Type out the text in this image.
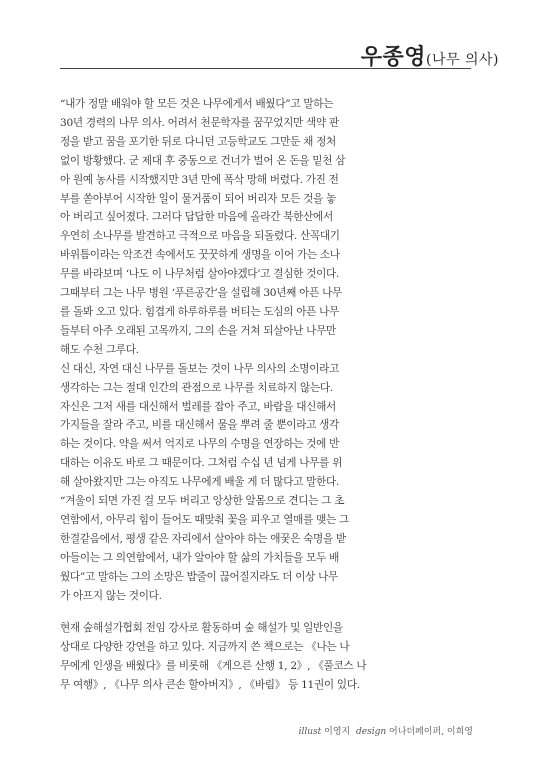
우종영(나무 의사)
“내가 정말 배워야 할 모든 것은 나무에게서 배웠다”고 말하는
30년 경력의 나무 의사. 어려서 천문학자를 꿈꾸었지만 색약 판
정을 받고 꿈을 포기한 뒤로 다니던 고등학교도 그만둔 채 정처
없이 방황했다. 군 제대 후 중동으로 건너가 벌어 온 돈을 밑천 삼
아 원예 농사를 시작했지만 3년 만에 폭삭 망해 버렸다. 가진 전
부를 쏟아부어 시작한 일이 물거품이 되어 버리자 모든 것을 놓
아 버리고 싶어졌다. 그러다 답답한 마음에 올라간 북한산에서
우연히 소나무를 발견하고 극적으로 마음을 되돌렸다. 산꼭대기
바위틈이라는 악조건 속에서도 꿋꿋하게 생명을 이어 가는 소나
무를 바라보며 ‘나도 이 나무처럼 살아야겠다’고 결심한 것이다.
그때부터 그는 나무 병원 ‘푸른공간’을 설립해 30년째 아픈 나무
를 돌봐 오고 있다. 힘겹게 하루하루를 버티는 도심의 아픈 나무
들부터 아주 오래된 고목까지, 그의 손을 거쳐 되살아난 나무만
해도 수천 그루다.
신 대신, 자연 대신 나무를 돌보는 것이 나무 의사의 소명이라고
생각하는 그는 절대 인간의 관점으로 나무를 치료하지 않는다.
자신은 그저 새를 대신해서 벌레를 잡아 주고, 바람을 대신해서
가지들을 잘라 주고, 비를 대신해서 물을 뿌려 줄 뿐이라고 생각
하는 것이다. 약을 써서 억지로 나무의 수명을 연장하는 것에 반
대하는 이유도 바로 그 때문이다. 그처럼 수십 년 넘게 나무를 위
해 살아왔지만 그는 아직도 나무에게 배울 게 더 많다고 말한다.
“겨울이 되면 가진 걸 모두 버리고 앙상한 알몸으로 견디는 그 초
연함에서, 아무리 힘이 들어도 때맞춰 꽃을 피우고 열매를 맺는 그
한결같음에서, 평생 같은 자리에서 살아야 하는 애꿎은 숙명을 받
아들이는 그 의연함에서, 내가 알아야 할 삶의 가치들을 모두 배
웠다”고 말하는 그의 소망은 밥줄이 끊어질지라도 더 이상 나무
가 아프지 않는 것이다.
현재 숲해설가협회 전임 강사로 활동하며 숲 해설가 및 일반인을
상대로 다양한 강연을 하고 있다. 지금까지 쓴 책으로는 《나는 나
무에게 인생을 배웠다》를 비롯해 《게으른 산행 1, 2》, 《풀코스 나
무 여행》, 《나무 의사 큰손 할아버지》, 《바림》 등 11권이 있다.
illust 이영지 design 어나더페이퍼, 이희영
